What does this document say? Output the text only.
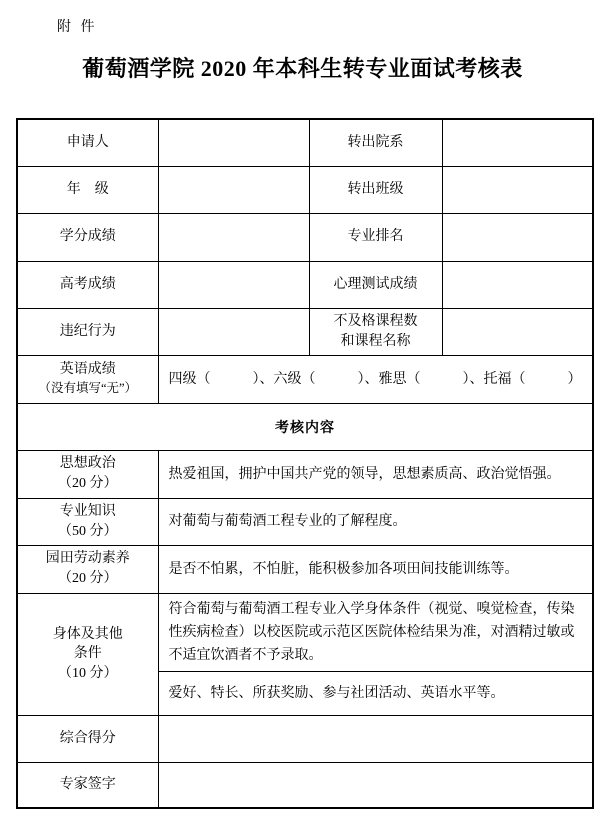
附 件
葡萄酒学院 2020 年本科生转专业面试考核表
申请人		转出院系	
年　级		转出班级	
学分成绩		专业排名	
高考成绩		心理测试成绩	
违纪行为		不及格课程数
和课程名称	

英语成绩
（没有填写“无”）	四级（　　　）、六级（　　　）、雅思（　　　）、托福（　　　）		
考核内容			

思想政治
（20 分）	热爱祖国，拥护中国共产党的领导，思想素质高、政治觉悟强。		

专业知识
（50 分）	对葡萄与葡萄酒工程专业的了解程度。		

园田劳动素养
（20 分）	是否不怕累，不怕脏，能积极参加各项田间技能训练等。		

身体及其他
条件
（10 分）	符合葡萄与葡萄酒工程专业入学身体条件（视觉、嗅觉检查，传染性疾病检查）以校医院或示范区医院体检结果为准，对酒精过敏或不适宜饮酒者不予录取。		
	爱好、特长、所获奖励、参与社团活动、英语水平等。		
综合得分			
专家签字			
